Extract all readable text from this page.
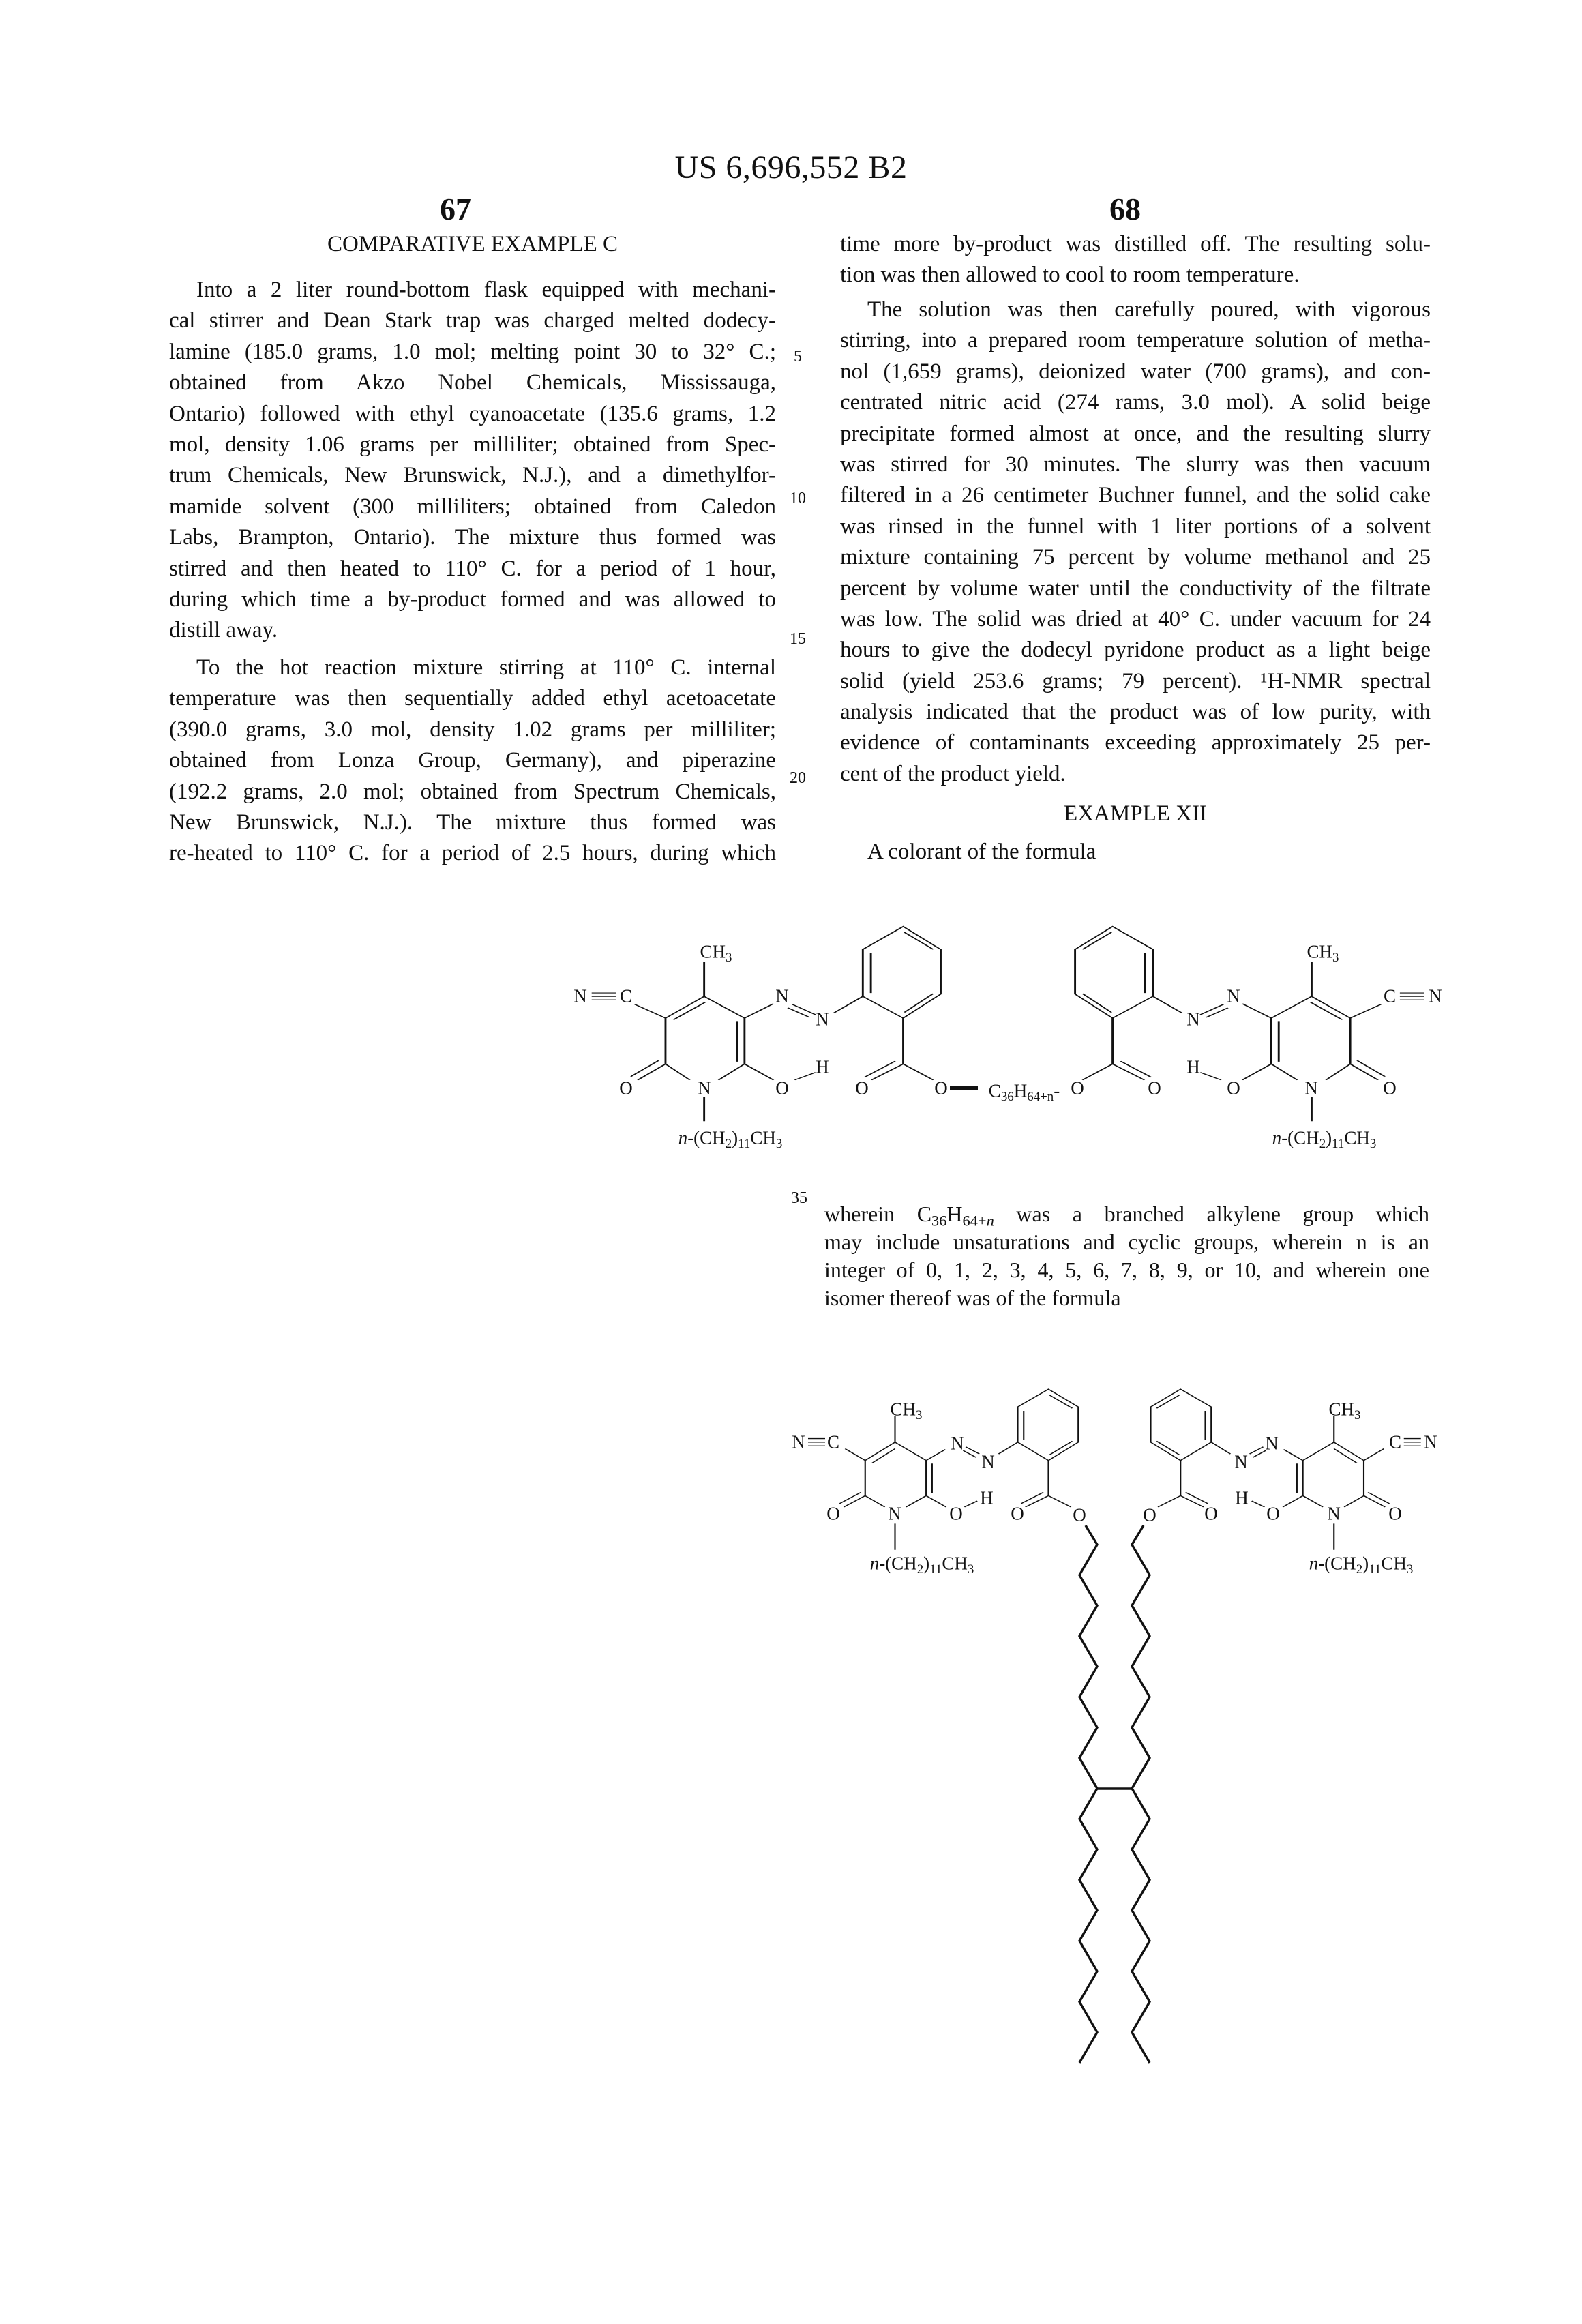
US 6,696,552 B2
67	68
COMPARATIVE EXAMPLE C
Into a 2 liter round-bottom flask equipped with mechani-
cal stirrer and Dean Stark trap was charged melted dodecy-
lamine (185.0 grams, 1.0 mol; melting point 30 to 32° C.;
obtained from Akzo Nobel Chemicals, Mississauga,
Ontario) followed with ethyl cyanoacetate (135.6 grams, 1.2
mol, density 1.06 grams per milliliter; obtained from Spec-
trum Chemicals, New Brunswick, N.J.), and a dimethylfor-
mamide solvent (300 milliliters; obtained from Caledon
Labs, Brampton, Ontario). The mixture thus formed was
stirred and then heated to 110° C. for a period of 1 hour,
during which time a by-product formed and was allowed to
distill away.
To the hot reaction mixture stirring at 110° C. internal
temperature was then sequentially added ethyl acetoacetate
(390.0 grams, 3.0 mol, density 1.02 grams per milliliter;
obtained from Lonza Group, Germany), and piperazine
(192.2 grams, 2.0 mol; obtained from Spectrum Chemicals,
New Brunswick, N.J.). The mixture thus formed was
re-heated to 110° C. for a period of 2.5 hours, during which
time more by-product was distilled off. The resulting solu-
tion was then allowed to cool to room temperature.
The solution was then carefully poured, with vigorous
stirring, into a prepared room temperature solution of metha-
nol (1,659 grams), deionized water (700 grams), and con-
centrated nitric acid (274 rams, 3.0 mol). A solid beige
precipitate formed almost at once, and the resulting slurry
was stirred for 30 minutes. The slurry was then vacuum
filtered in a 26 centimeter Buchner funnel, and the solid cake
was rinsed in the funnel with 1 liter portions of a solvent
mixture containing 75 percent by volume methanol and 25
percent by volume water until the conductivity of the filtrate
was low. The solid was dried at 40° C. under vacuum for 24
hours to give the dodecyl pyridone product as a light beige
solid (yield 253.6 grams; 79 percent). ¹H-NMR spectral
analysis indicated that the product was of low purity, with
evidence of contaminants exceeding approximately 25 per-
cent of the product yield.
EXAMPLE XII
A colorant of the formula
5
10
15
20
35
wherein C36H64+n was a branched alkylene group which
may include unsaturations and cyclic groups, wherein n is an
integer of 0, 1, 2, 3, 4, 5, 6, 7, 8, 9, or 10, and wherein one
isomer thereof was of the formula
CH3
N C	N
N
H
O	N	O	O	O C36H64+n-
n-(CH2)11CH3
CH3
C N
N
N
H
O	N	O
O	O
n-(CH2)11CH3
CH3
N C	N
N
H
O	N	O	O	O
n-(CH2)11CH3
CH3
C N
N
N
H
O	N	O
O	O
n-(CH2)11CH3
